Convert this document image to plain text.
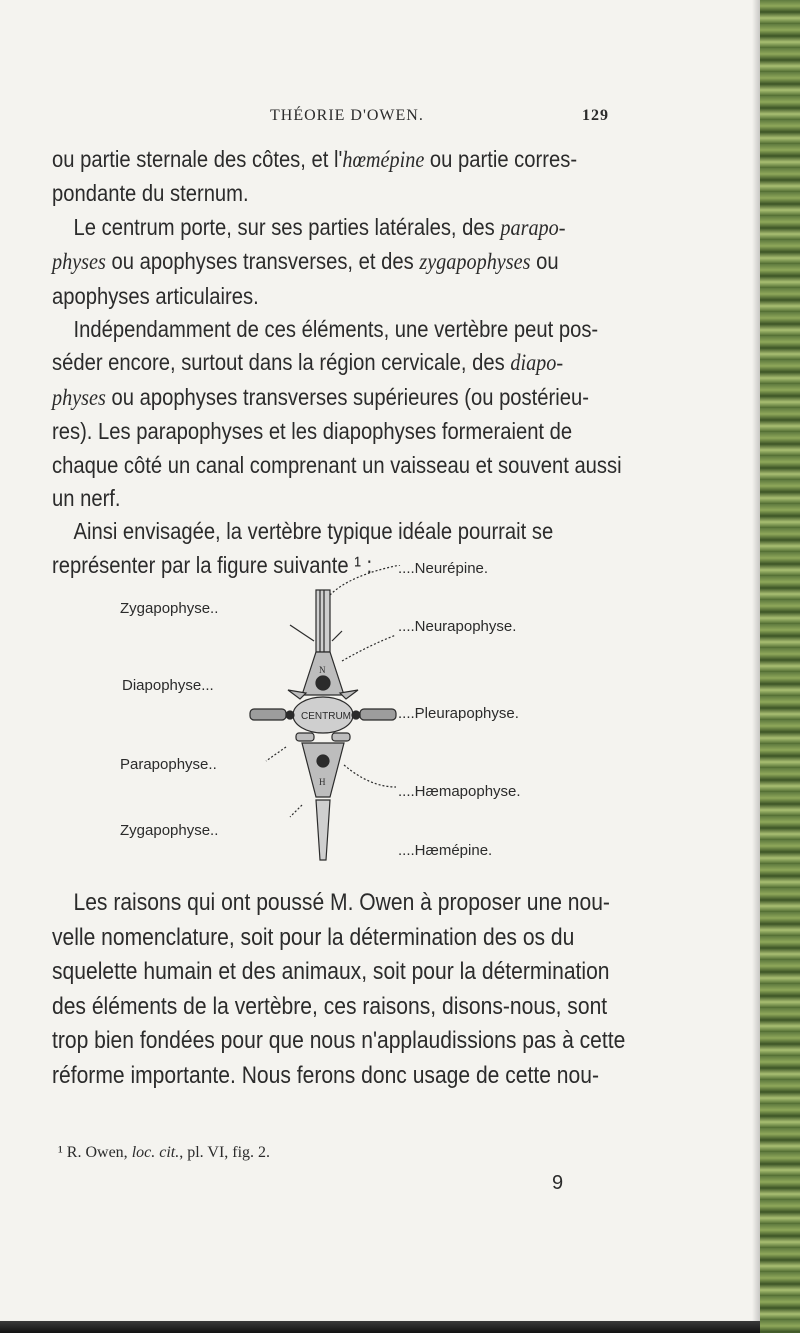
THÉORIE D'OWEN.	129
ou partie sternale des côtes, et l'hœmépine ou partie corres-
pondante du sternum.
Le centrum porte, sur ses parties latérales, des parapo-
physes ou apophyses transverses, et des zygapophyses ou
apophyses articulaires.
Indépendamment de ces éléments, une vertèbre peut pos-
séder encore, surtout dans la région cervicale, des diapo-
physes ou apophyses transverses supérieures (ou postérieu-
res). Les parapophyses et les diapophyses formeraient de
chaque côté un canal comprenant un vaisseau et souvent aussi
un nerf.
Ainsi envisagée, la vertèbre typique idéale pourrait se
représenter par la figure suivante ¹ :
Zygapophyse..
Diapophyse...
Parapophyse..
Zygapophyse..
....Neurépine.
....Neurapophyse.
....Pleurapophyse.
....Hæmapophyse.
....Hæmépine.
N
CENTRUM
H
Les raisons qui ont poussé M. Owen à proposer une nou-
velle nomenclature, soit pour la détermination des os du
squelette humain et des animaux, soit pour la détermination
des éléments de la vertèbre, ces raisons, disons-nous, sont
trop bien fondées pour que nous n'applaudissions pas à cette
réforme importante. Nous ferons donc usage de cette nou-
¹ R. Owen, loc. cit., pl. VI, fig. 2.
9
